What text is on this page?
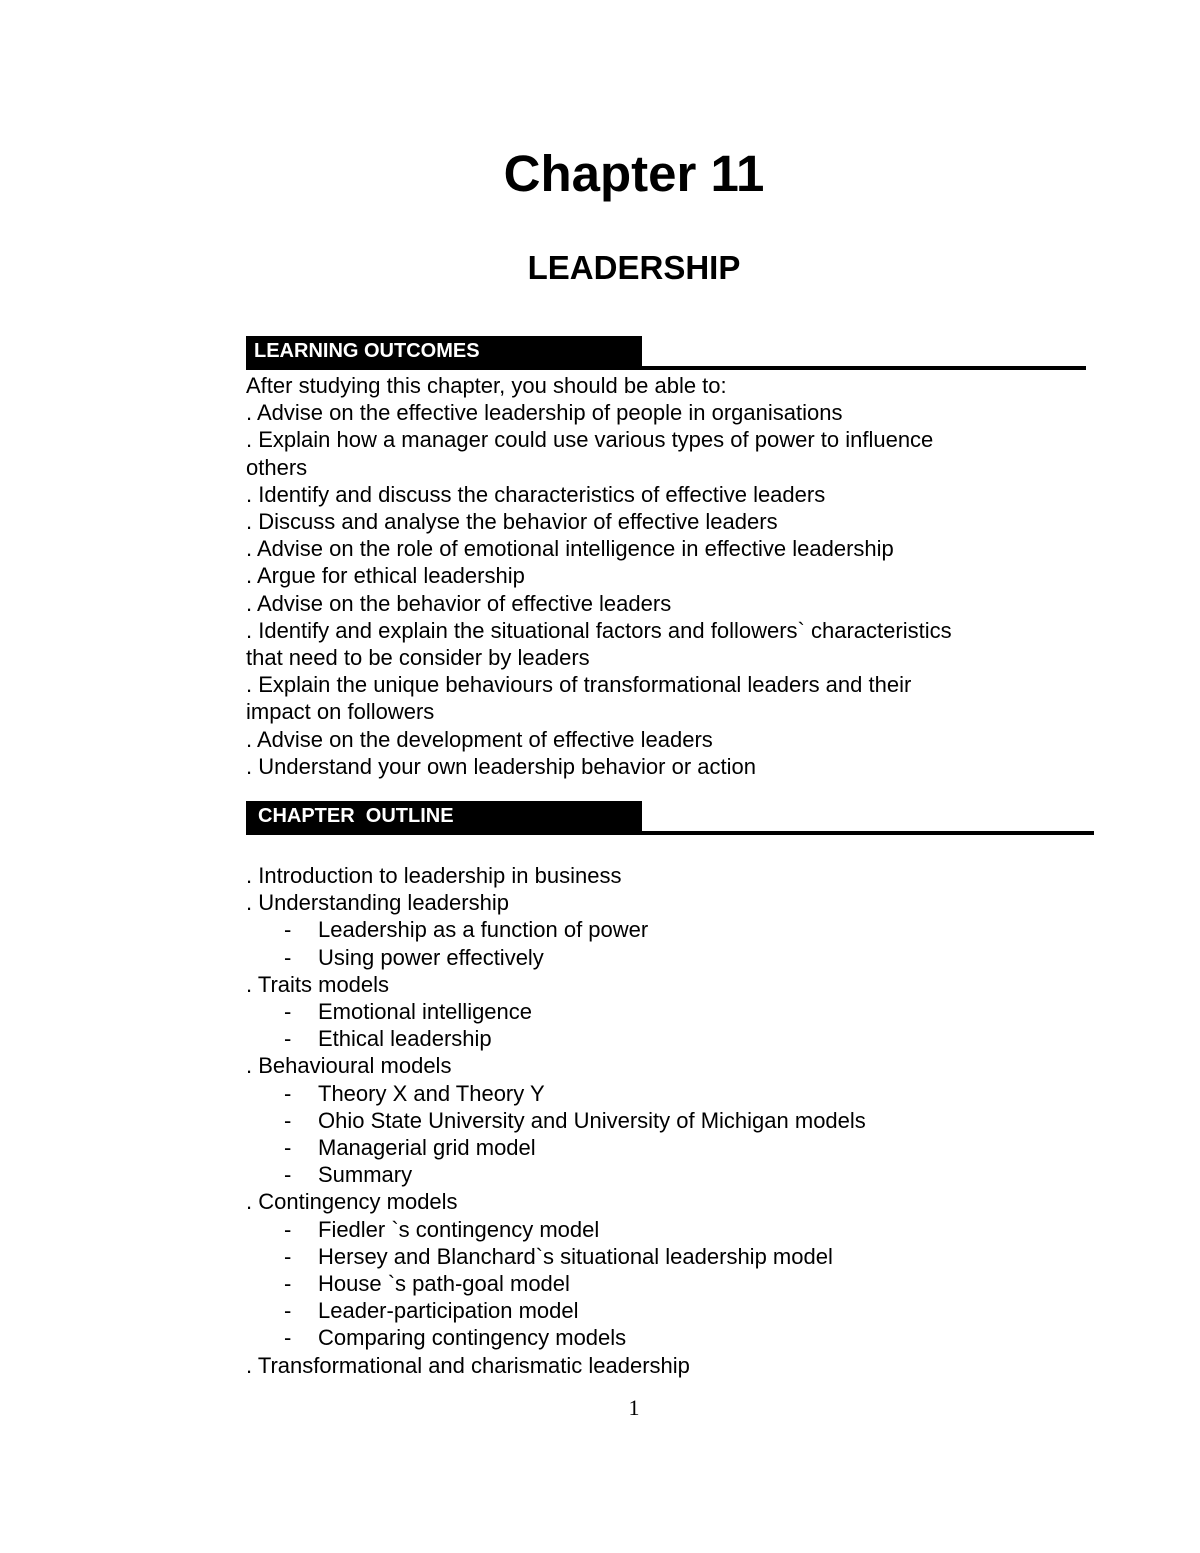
Chapter 11
LEADERSHIP
LEARNING OUTCOMES
After studying this chapter, you should be able to:
. Advise on the effective leadership of people in organisations
. Explain how a manager could use various types of power to influence
others
. Identify and discuss the characteristics of effective leaders
. Discuss and analyse the behavior of effective leaders
. Advise on the role of emotional intelligence in effective leadership
. Argue for ethical leadership
. Advise on the behavior of effective leaders
. Identify and explain the situational factors and followers` characteristics
that need to be consider by leaders
. Explain the unique behaviours of transformational leaders and their
impact on followers
. Advise on the development of effective leaders
. Understand your own leadership behavior or action
CHAPTER  OUTLINE
. Introduction to leadership in business
. Understanding leadership
- Leadership as a function of power
- Using power effectively
. Traits models
- Emotional intelligence
- Ethical leadership
. Behavioural models
- Theory X and Theory Y
- Ohio State University and University of Michigan models
- Managerial grid model
- Summary
. Contingency models
- Fiedler `s contingency model
- Hersey and Blanchard`s situational leadership model
- House `s path-goal model
- Leader-participation model
- Comparing contingency models
. Transformational and charismatic leadership
1
